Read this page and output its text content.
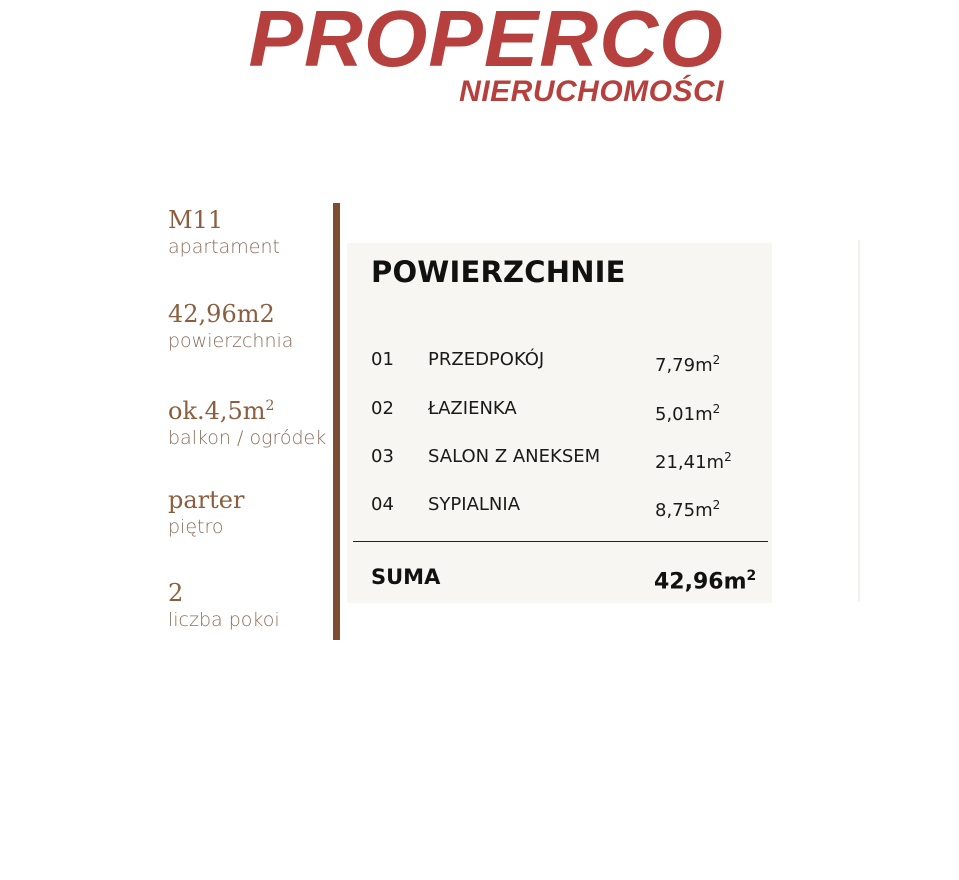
PROPERCO
NIERUCHOMOŚCI
M11
apartament
42,96m2
powierzchnia
$ok.4,5m^2$
balkon / ogródek
parter
piętro
2
liczba pokoi
POWIERZCHNIE
01 PRZEDPOKÓJ	$7,79m^2$
02 ŁAZIENKA	$5,01m^2$
03 SALON Z ANEKSEM	$21,41m^2$
04 SYPIALNIA	$8,75m^2$
SUMA	$42,96m^2$
